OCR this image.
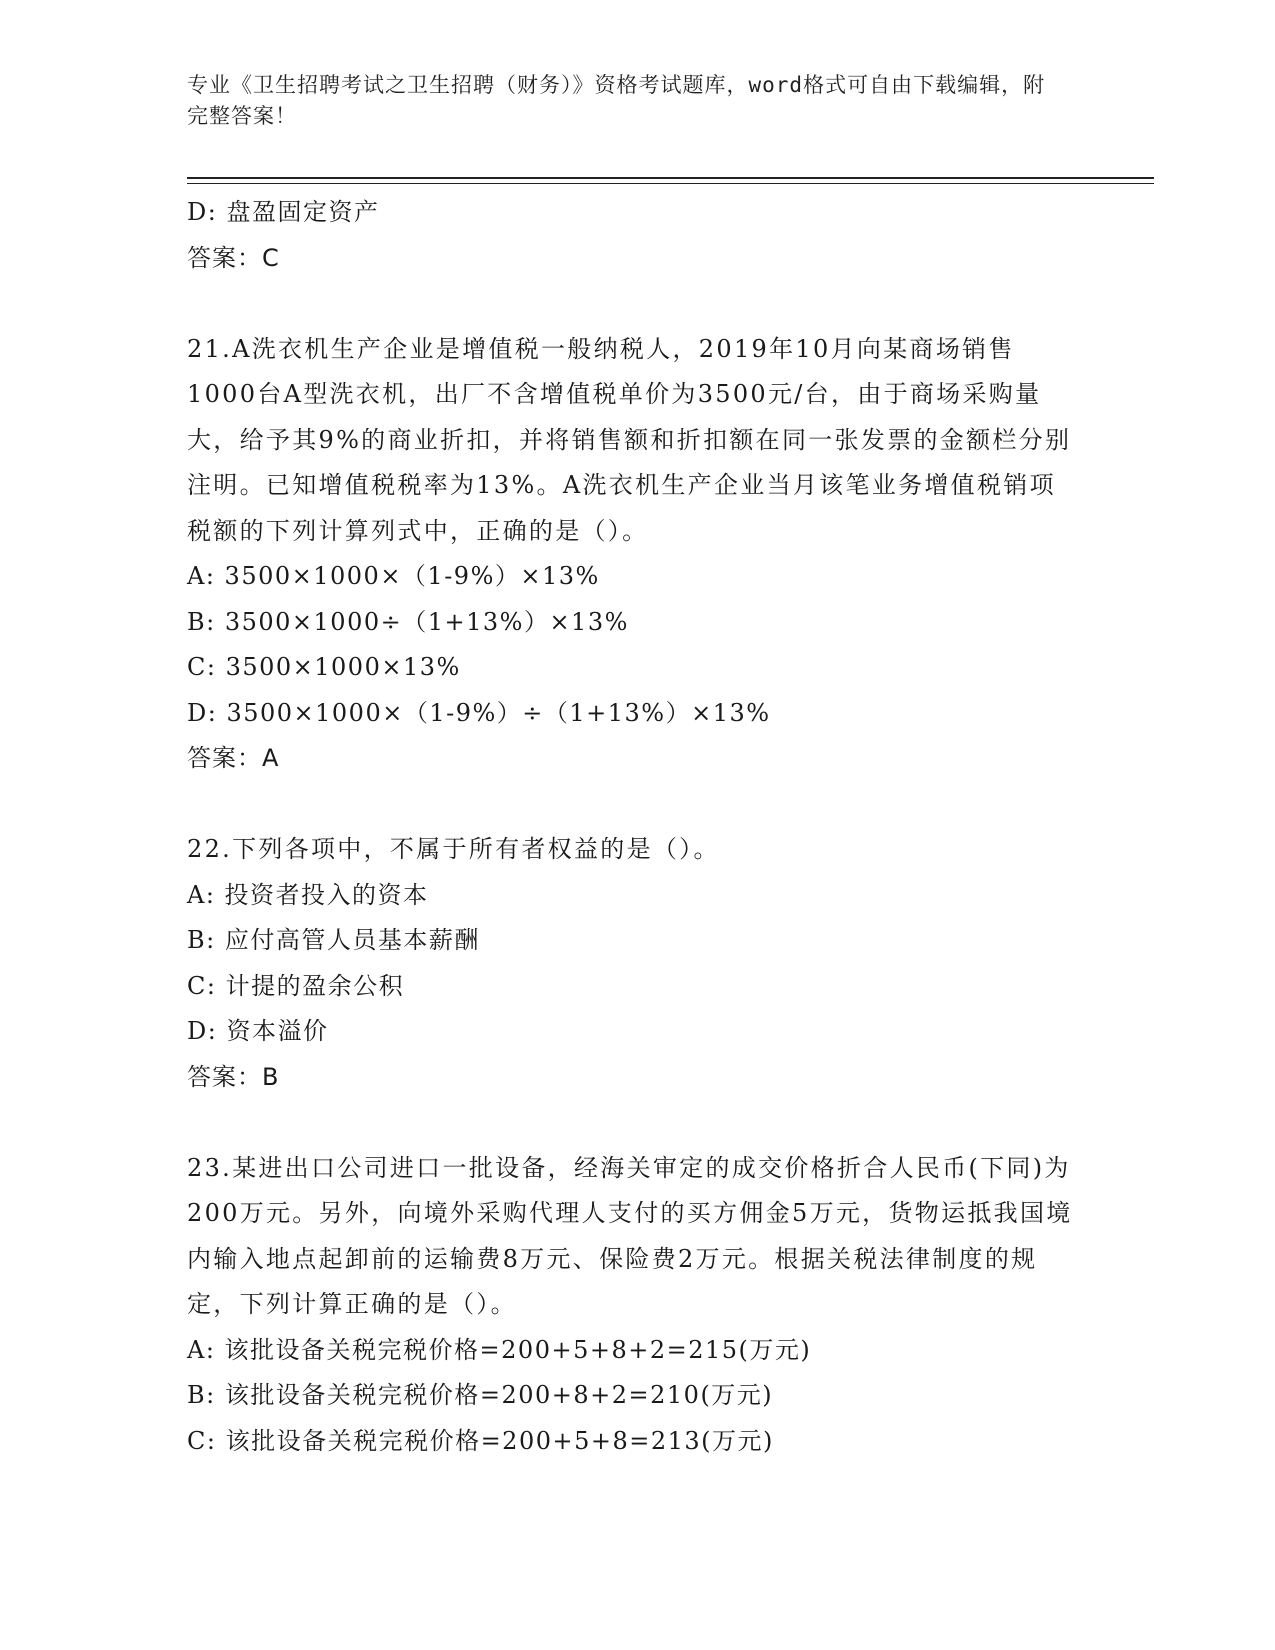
专业《卫生招聘考试之卫生招聘（财务）》资格考试题库，word格式可自由下载编辑，附完整答案！
D: 盘盈固定资产
答案：C
21.A洗衣机生产企业是增值税一般纳税人，2019年10月向某商场销售1000台A型洗衣机，出厂不含增值税单价为3500元/台，由于商场采购量大，给予其9%的商业折扣，并将销售额和折扣额在同一张发票的金额栏分别注明。已知增值税税率为13%。A洗衣机生产企业当月该笔业务增值税销项税额的下列计算列式中，正确的是（）。
A: 3500×1000×（1-9%）×13%
B: 3500×1000÷（1+13%）×13%
C: 3500×1000×13%
D: 3500×1000×（1-9%）÷（1+13%）×13%
答案：A
22.下列各项中，不属于所有者权益的是（）。
A: 投资者投入的资本
B: 应付高管人员基本薪酬
C: 计提的盈余公积
D: 资本溢价
答案：B
23.某进出口公司进口一批设备，经海关审定的成交价格折合人民币(下同)为200万元。另外，向境外采购代理人支付的买方佣金5万元，货物运抵我国境内输入地点起卸前的运输费8万元、保险费2万元。根据关税法律制度的规定，下列计算正确的是（）。
A: 该批设备关税完税价格=200+5+8+2=215(万元)
B: 该批设备关税完税价格=200+8+2=210(万元)
C: 该批设备关税完税价格=200+5+8=213(万元)
